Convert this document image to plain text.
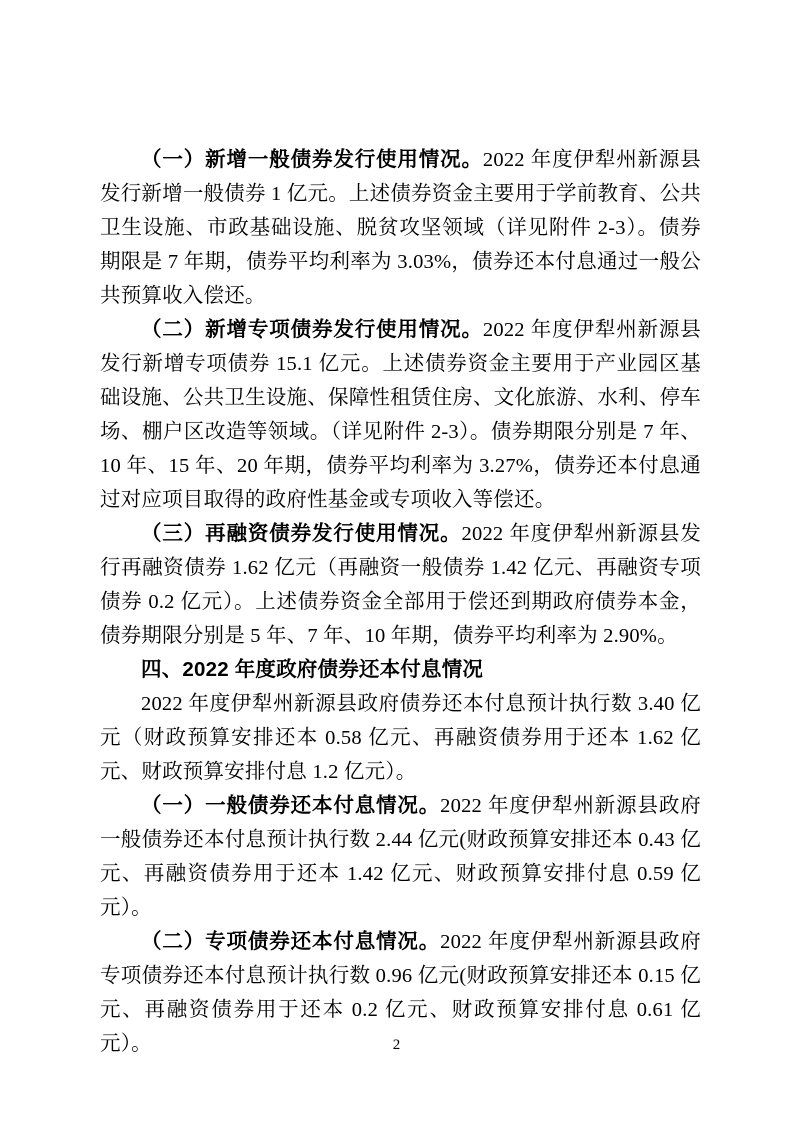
（一）新增一般债券发行使用情况。2022 年度伊犁州新源县发行新增一般债券 1 亿元。上述债券资金主要用于学前教育、公共卫生设施、市政基础设施、脱贫攻坚领域（详见附件 2-3）。债券期限是 7 年期，债券平均利率为 3.03%，债券还本付息通过一般公共预算收入偿还。

（二）新增专项债券发行使用情况。2022 年度伊犁州新源县发行新增专项债券 15.1 亿元。上述债券资金主要用于产业园区基础设施、公共卫生设施、保障性租赁住房、文化旅游、水利、停车场、棚户区改造等领域。（详见附件 2-3）。债券期限分别是 7 年、10 年、15 年、20 年期，债券平均利率为 3.27%，债券还本付息通过对应项目取得的政府性基金或专项收入等偿还。

（三）再融资债券发行使用情况。2022 年度伊犁州新源县发行再融资债券 1.62 亿元（再融资一般债券 1.42 亿元、再融资专项债券 0.2 亿元）。上述债券资金全部用于偿还到期政府债券本金，债券期限分别是 5 年、7 年、10 年期，债券平均利率为 2.90%。

四、2022 年度政府债券还本付息情况

2022 年度伊犁州新源县政府债券还本付息预计执行数 3.40 亿元（财政预算安排还本 0.58 亿元、再融资债券用于还本 1.62 亿元、财政预算安排付息 1.2 亿元）。

（一）一般债券还本付息情况。2022 年度伊犁州新源县政府一般债券还本付息预计执行数 2.44 亿元(财政预算安排还本 0.43 亿元、再融资债券用于还本 1.42 亿元、财政预算安排付息 0.59 亿元）。

（二）专项债券还本付息情况。2022 年度伊犁州新源县政府专项债券还本付息预计执行数 0.96 亿元(财政预算安排还本 0.15 亿元、再融资债券用于还本 0.2 亿元、财政预算安排付息 0.61 亿元）。	2
